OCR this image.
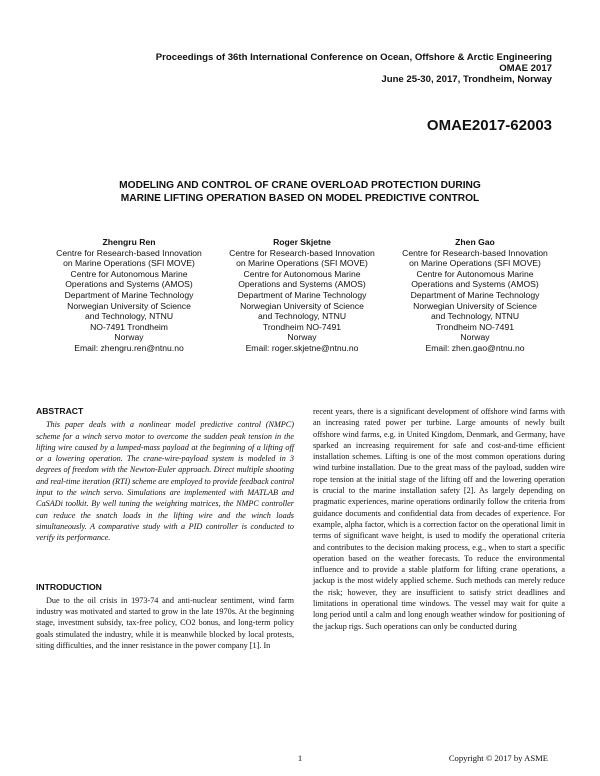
Proceedings of 36th International Conference on Ocean, Offshore & Arctic Engineering
OMAE 2017
June 25-30, 2017, Trondheim, Norway
OMAE2017-62003
MODELING AND CONTROL OF CRANE OVERLOAD PROTECTION DURING
MARINE LIFTING OPERATION BASED ON MODEL PREDICTIVE CONTROL
Zhengru Ren
Centre for Research-based Innovation
on Marine Operations (SFI MOVE)
Centre for Autonomous Marine
Operations and Systems (AMOS)
Department of Marine Technology
Norwegian University of Science
and Technology, NTNU
NO-7491 Trondheim
Norway
Email: zhengru.ren@ntnu.no
Roger Skjetne
Centre for Research-based Innovation
on Marine Operations (SFI MOVE)
Centre for Autonomous Marine
Operations and Systems (AMOS)
Department of Marine Technology
Norwegian University of Science
and Technology, NTNU
Trondheim NO-7491
Norway
Email: roger.skjetne@ntnu.no
Zhen Gao
Centre for Research-based Innovation
on Marine Operations (SFI MOVE)
Centre for Autonomous Marine
Operations and Systems (AMOS)
Department of Marine Technology
Norwegian University of Science
and Technology, NTNU
Trondheim NO-7491
Norway
Email: zhen.gao@ntnu.no
ABSTRACT

This paper deals with a nonlinear model predictive control (NMPC) scheme for a winch servo motor to overcome the sudden peak tension in the lifting wire caused by a lumped-mass payload at the beginning of a lifting off or a lowering operation. The crane-wire-payload system is modeled in 3 degrees of freedom with the Newton-Euler approach. Direct multiple shooting and real-time iteration (RTI) scheme are employed to provide feedback control input to the winch servo. Simulations are implemented with MATLAB and CaSADi toolkit. By well tuning the weighting matrices, the NMPC controller can reduce the snatch loads in the lifting wire and the winch loads simultaneously. A comparative study with a PID controller is conducted to verify its performance.

INTRODUCTION

Due to the oil crisis in 1973-74 and anti-nuclear sentiment, wind farm industry was motivated and started to grow in the late 1970s. At the beginning stage, investment subsidy, tax-free policy, CO2 bonus, and long-term policy goals stimulated the industry, while it is meanwhile blocked by local protests, siting difficulties, and the inner resistance in the power company [1]. In

recent years, there is a significant development of offshore wind farms with an increasing rated power per turbine. Large amounts of newly built offshore wind farms, e.g. in United Kingdom, Denmark, and Germany, have sparked an increasing requirement for safe and cost-and-time efficient installation schemes. Lifting is one of the most common operations during wind turbine installation. Due to the great mass of the payload, sudden wire rope tension at the initial stage of the lifting off and the lowering operation is crucial to the marine installation safety [2]. As largely depending on pragmatic experiences, marine operations ordinarily follow the criteria from guidance documents and confidential data from decades of experience. For example, alpha factor, which is a correction factor on the operational limit in terms of significant wave height, is used to modify the operational criteria and contributes to the decision making process, e.g., when to start a specific operation based on the weather forecasts. To reduce the environmental influence and to provide a stable platform for lifting crane operations, a jackup is the most widely applied scheme. Such methods can merely reduce the risk; however, they are insufficient to satisfy strict deadlines and limitations in operational time windows. The vessel may wait for quite a long period until a calm and long enough weather window for positioning of the jackup rigs. Such operations can only be conducted during

1	Copyright © 2017 by ASME
